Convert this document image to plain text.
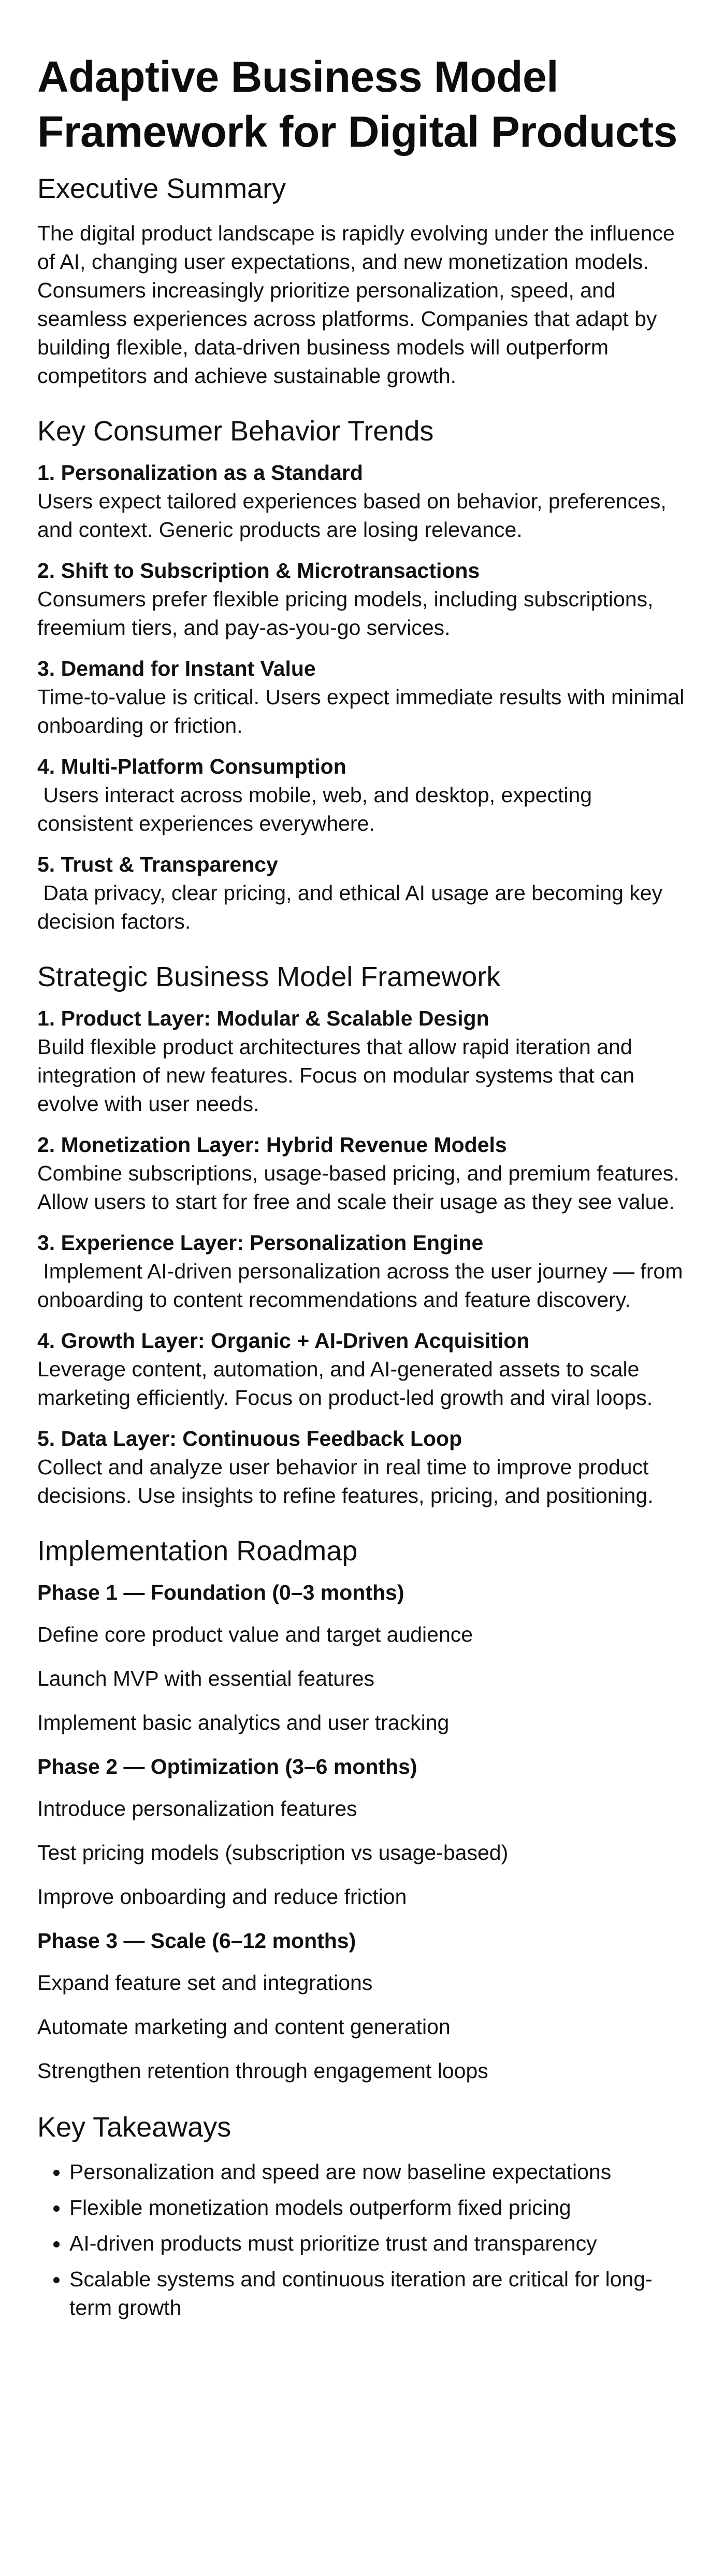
Adaptive Business Model Framework for Digital Products
Executive Summary

The digital product landscape is rapidly evolving under the influence of AI, changing user expectations, and new monetization models. Consumers increasingly prioritize personalization, speed, and seamless experiences across platforms. Companies that adapt by building flexible, data-driven business models will outperform competitors and achieve sustainable growth.

Key Consumer Behavior Trends
1. Personalization as a Standard
Users expect tailored experiences based on behavior, preferences, and context. Generic products are losing relevance.
2. Shift to Subscription & Microtransactions
Consumers prefer flexible pricing models, including subscriptions, freemium tiers, and pay-as-you-go services.
3. Demand for Instant Value
Time-to-value is critical. Users expect immediate results with minimal onboarding or friction.
4. Multi-Platform Consumption
Users interact across mobile, web, and desktop, expecting consistent experiences everywhere.
5. Trust & Transparency
Data privacy, clear pricing, and ethical AI usage are becoming key decision factors.
Strategic Business Model Framework
1. Product Layer: Modular & Scalable Design
Build flexible product architectures that allow rapid iteration and integration of new features. Focus on modular systems that can evolve with user needs.
2. Monetization Layer: Hybrid Revenue Models
Combine subscriptions, usage-based pricing, and premium features. Allow users to start for free and scale their usage as they see value.
3. Experience Layer: Personalization Engine
Implement AI-driven personalization across the user journey — from onboarding to content recommendations and feature discovery.
4. Growth Layer: Organic + AI-Driven Acquisition
Leverage content, automation, and AI-generated assets to scale marketing efficiently. Focus on product-led growth and viral loops.
5. Data Layer: Continuous Feedback Loop
Collect and analyze user behavior in real time to improve product decisions. Use insights to refine features, pricing, and positioning.
Implementation Roadmap
Phase 1 — Foundation (0–3 months)
Define core product value and target audience
Launch MVP with essential features
Implement basic analytics and user tracking
Phase 2 — Optimization (3–6 months)
Introduce personalization features
Test pricing models (subscription vs usage-based)
Improve onboarding and reduce friction
Phase 3 — Scale (6–12 months)
Expand feature set and integrations
Automate marketing and content generation
Strengthen retention through engagement loops
Key Takeaways
• Personalization and speed are now baseline expectations
• Flexible monetization models outperform fixed pricing
• AI-driven products must prioritize trust and transparency
• Scalable systems and continuous iteration are critical for long-term growth
